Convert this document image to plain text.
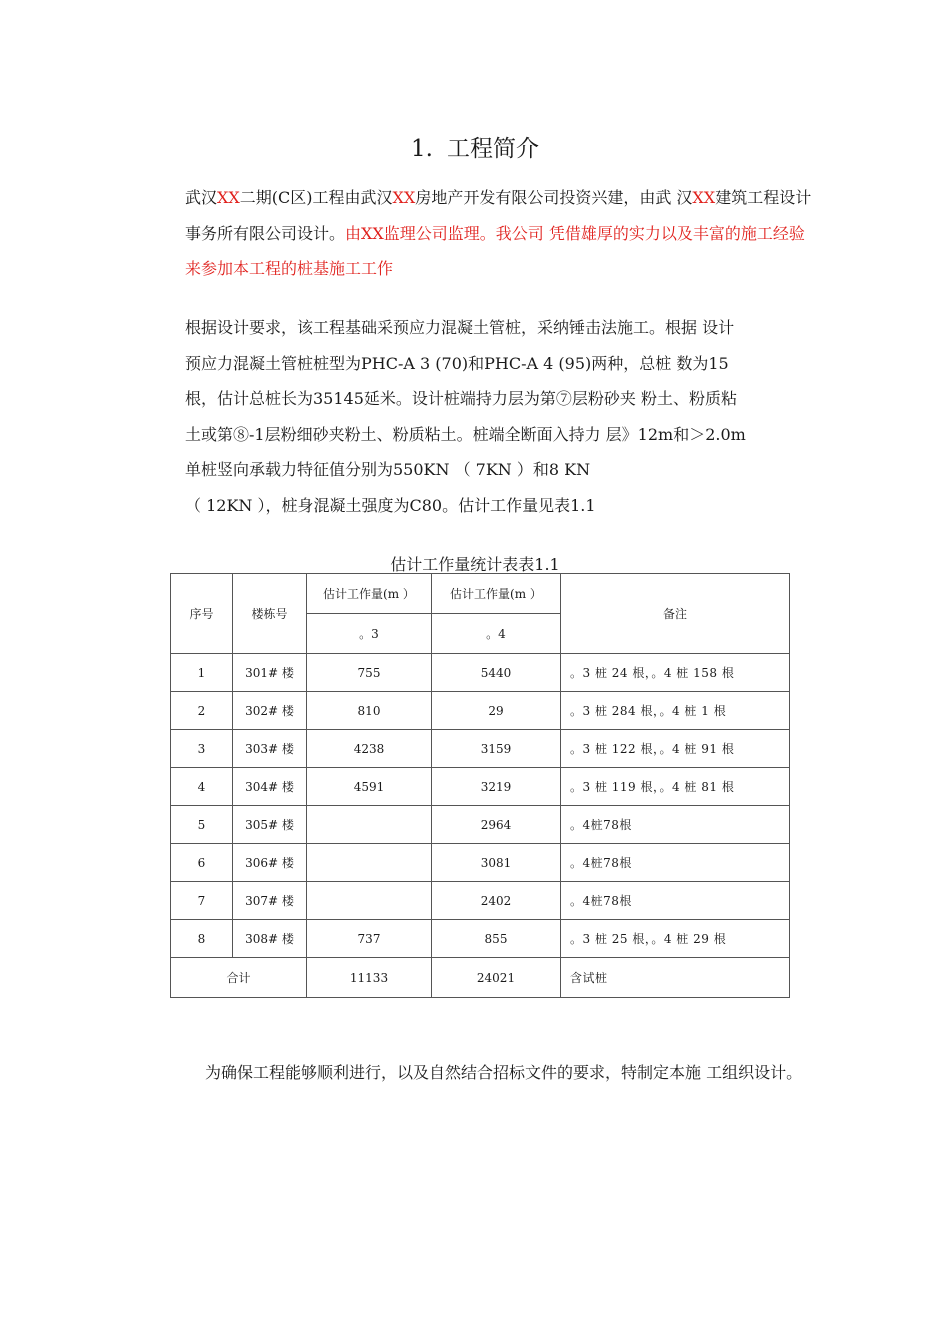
1. 工程简介
武汉XX二期(C区)工程由武汉XX房地产开发有限公司投资兴建，由武 汉XX建筑工程设计事务所有限公司设计。由XX监理公司监理。我公司 凭借雄厚的实力以及丰富的施工经验来参加本工程的桩基施工工作
根据设计要求，该工程基础采预应力混凝土管桩，采纳锤击法施工。根据 设计
预应力混凝土管桩桩型为PHC-A 3 (70)和PHC-A 4 (95)两种，总桩 数为15
根，估计总桩长为35145延米。设计桩端持力层为第⑦层粉砂夹 粉土、粉质粘
土或第⑧-1层粉细砂夹粉土、粉质粘土。桩端全断面入持力 层》12m和＞2.0m
单桩竖向承载力特征值分别为550KN （ 7KN ）和8 KN
（ 12KN ），桩身混凝土强度为C80。估计工作量见表1.1
估计工作量统计表表1.1
序号	楼栋号	估计工作量(m ）	估计工作量(m ）	备注
		。3	。4	
1	301# 楼	755	5440	。3 桩 24 根，。4 桩 158 根
2	302# 楼	810	29	。3 桩 284 根，。4 桩 1 根
3	303# 楼	4238	3159	。3 桩 122 根，。4 桩 91 根
4	304# 楼	4591	3219	。3 桩 119 根，。4 桩 81 根
5	305# 楼		2964	。4桩78根
6	306# 楼		3081	。4桩78根
7	307# 楼		2402	。4桩78根
8	308# 楼	737	855	。3 桩 25 根，。4 桩 29 根
合计		11133	24021	含试桩
为确保工程能够顺利进行，以及自然结合招标文件的要求，特制定本施 工组织设计。
